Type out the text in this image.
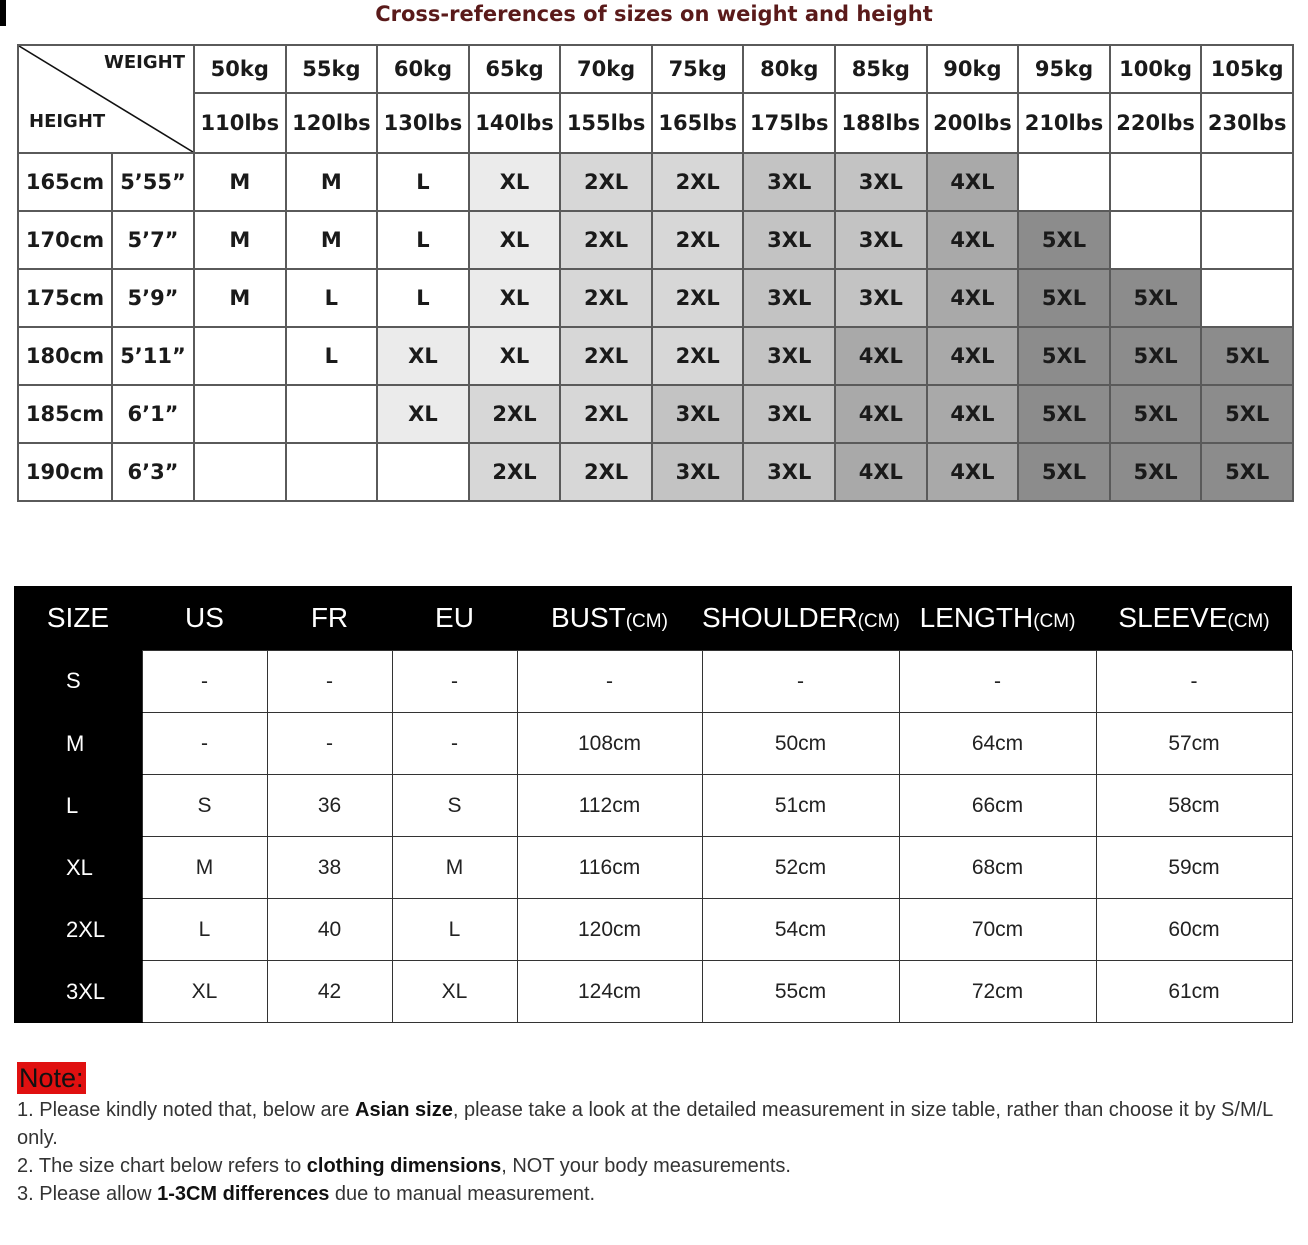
Cross-references of sizes on weight and height
WEIGHT
HEIGHT		50kg	55kg	60kg	65kg	70kg	75kg	80kg	85kg	90kg	95kg	100kg	105kg
		110lbs	120lbs	130lbs	140lbs	155lbs	165lbs	175lbs	188lbs	200lbs	210lbs	220lbs	230lbs
165cm	5’55”	M	M	L	XL	2XL	2XL	3XL	3XL	4XL			
170cm	5’7”	M	M	L	XL	2XL	2XL	3XL	3XL	4XL	5XL		
175cm	5’9”	M	L	L	XL	2XL	2XL	3XL	3XL	4XL	5XL	5XL	
180cm	5’11”		L	XL	XL	2XL	2XL	3XL	4XL	4XL	5XL	5XL	5XL
185cm	6’1”			XL	2XL	2XL	3XL	3XL	4XL	4XL	5XL	5XL	5XL
190cm	6’3”				2XL	2XL	3XL	3XL	4XL	4XL	5XL	5XL	5XL
SIZE	US	FR	EU	BUST(CM)	SHOULDER(CM)	LENGTH(CM)	SLEEVE(CM)
S	-	-	-	-	-	-	-
M	-	-	-	108cm	50cm	64cm	57cm
L	S	36	S	112cm	51cm	66cm	58cm
XL	M	38	M	116cm	52cm	68cm	59cm
2XL	L	40	L	120cm	54cm	70cm	60cm
3XL	XL	42	XL	124cm	55cm	72cm	61cm
Note:

1. Please kindly noted that, below are Asian size, please take a look at the detailed measurement in size table, rather than choose it by S/M/L only.

2. The size chart below refers to clothing dimensions, NOT your body measurements.

3. Please allow 1-3CM differences due to manual measurement.
